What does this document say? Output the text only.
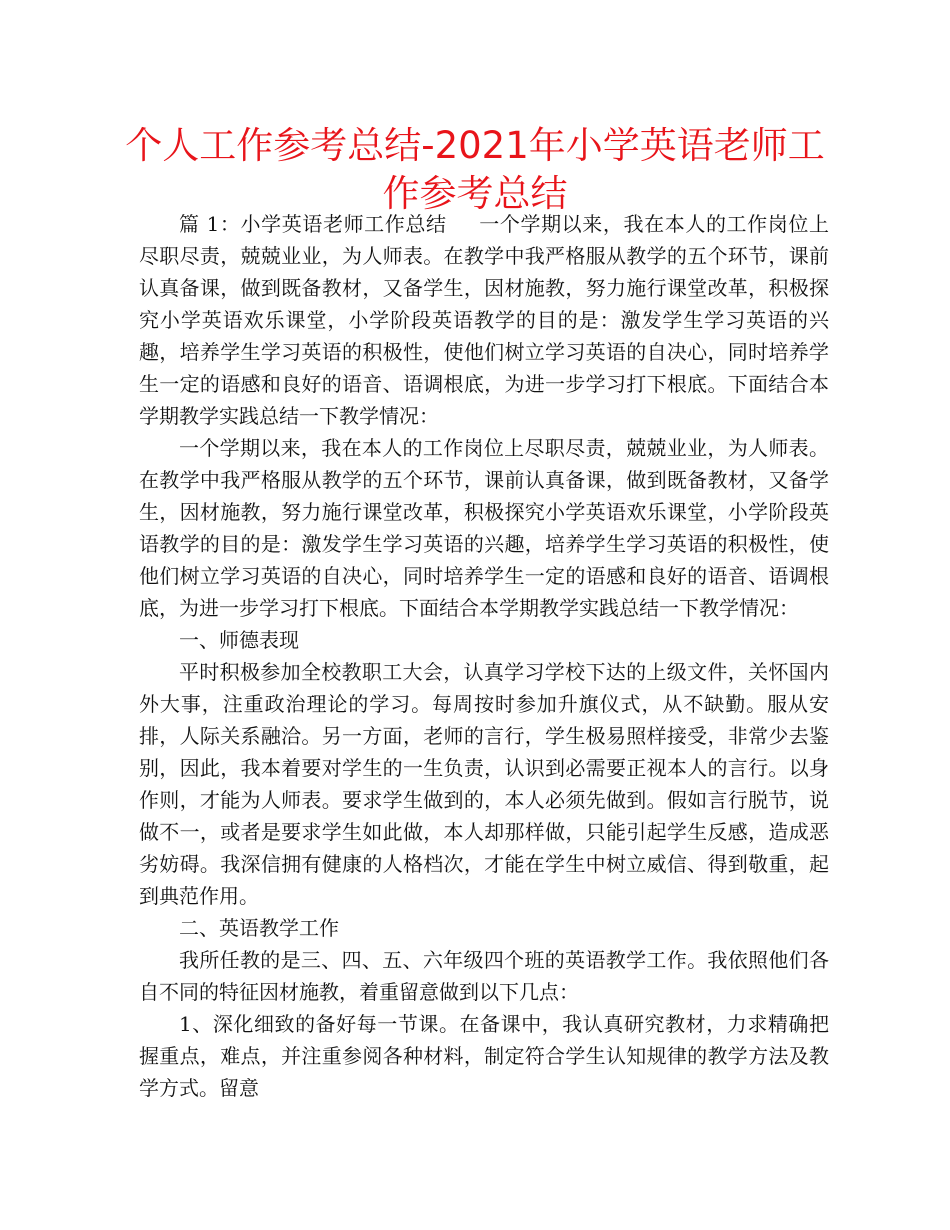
个人工作参考总结-2021年小学英语老师工作参考总结

篇 1：小学英语老师工作总结 一个学期以来，我在本人的工作岗位上尽职尽责，兢兢业业，为人师表。在教学中我严格服从教学的五个环节，课前认真备课，做到既备教材，又备学生，因材施教，努力施行课堂改革，积极探究小学英语欢乐课堂，小学阶段英语教学的目的是：激发学生学习英语的兴趣，培养学生学习英语的积极性，使他们树立学习英语的自决心，同时培养学生一定的语感和良好的语音、语调根底，为进一步学习打下根底。下面结合本学期教学实践总结一下教学情况：

一个学期以来，我在本人的工作岗位上尽职尽责，兢兢业业，为人师表。在教学中我严格服从教学的五个环节，课前认真备课，做到既备教材，又备学生，因材施教，努力施行课堂改革，积极探究小学英语欢乐课堂，小学阶段英语教学的目的是：激发学生学习英语的兴趣，培养学生学习英语的积极性，使他们树立学习英语的自决心，同时培养学生一定的语感和良好的语音、语调根底，为进一步学习打下根底。下面结合本学期教学实践总结一下教学情况：

一、师德表现

平时积极参加全校教职工大会，认真学习学校下达的上级文件，关怀国内外大事，注重政治理论的学习。每周按时参加升旗仪式，从不缺勤。服从安排，人际关系融洽。另一方面，老师的言行，学生极易照样接受，非常少去鉴别，因此，我本着要对学生的一生负责，认识到必需要正视本人的言行。以身作则，才能为人师表。要求学生做到的，本人必须先做到。假如言行脱节，说做不一，或者是要求学生如此做，本人却那样做，只能引起学生反感，造成恶劣妨碍。我深信拥有健康的人格档次，才能在学生中树立威信、得到敬重，起到典范作用。

二、英语教学工作

我所任教的是三、四、五、六年级四个班的英语教学工作。我依照他们各自不同的特征因材施教，着重留意做到以下几点：

1、深化细致的备好每一节课。在备课中，我认真研究教材，力求精确把握重点，难点，并注重参阅各种材料，制定符合学生认知规律的教学方法及教学方式。留意
